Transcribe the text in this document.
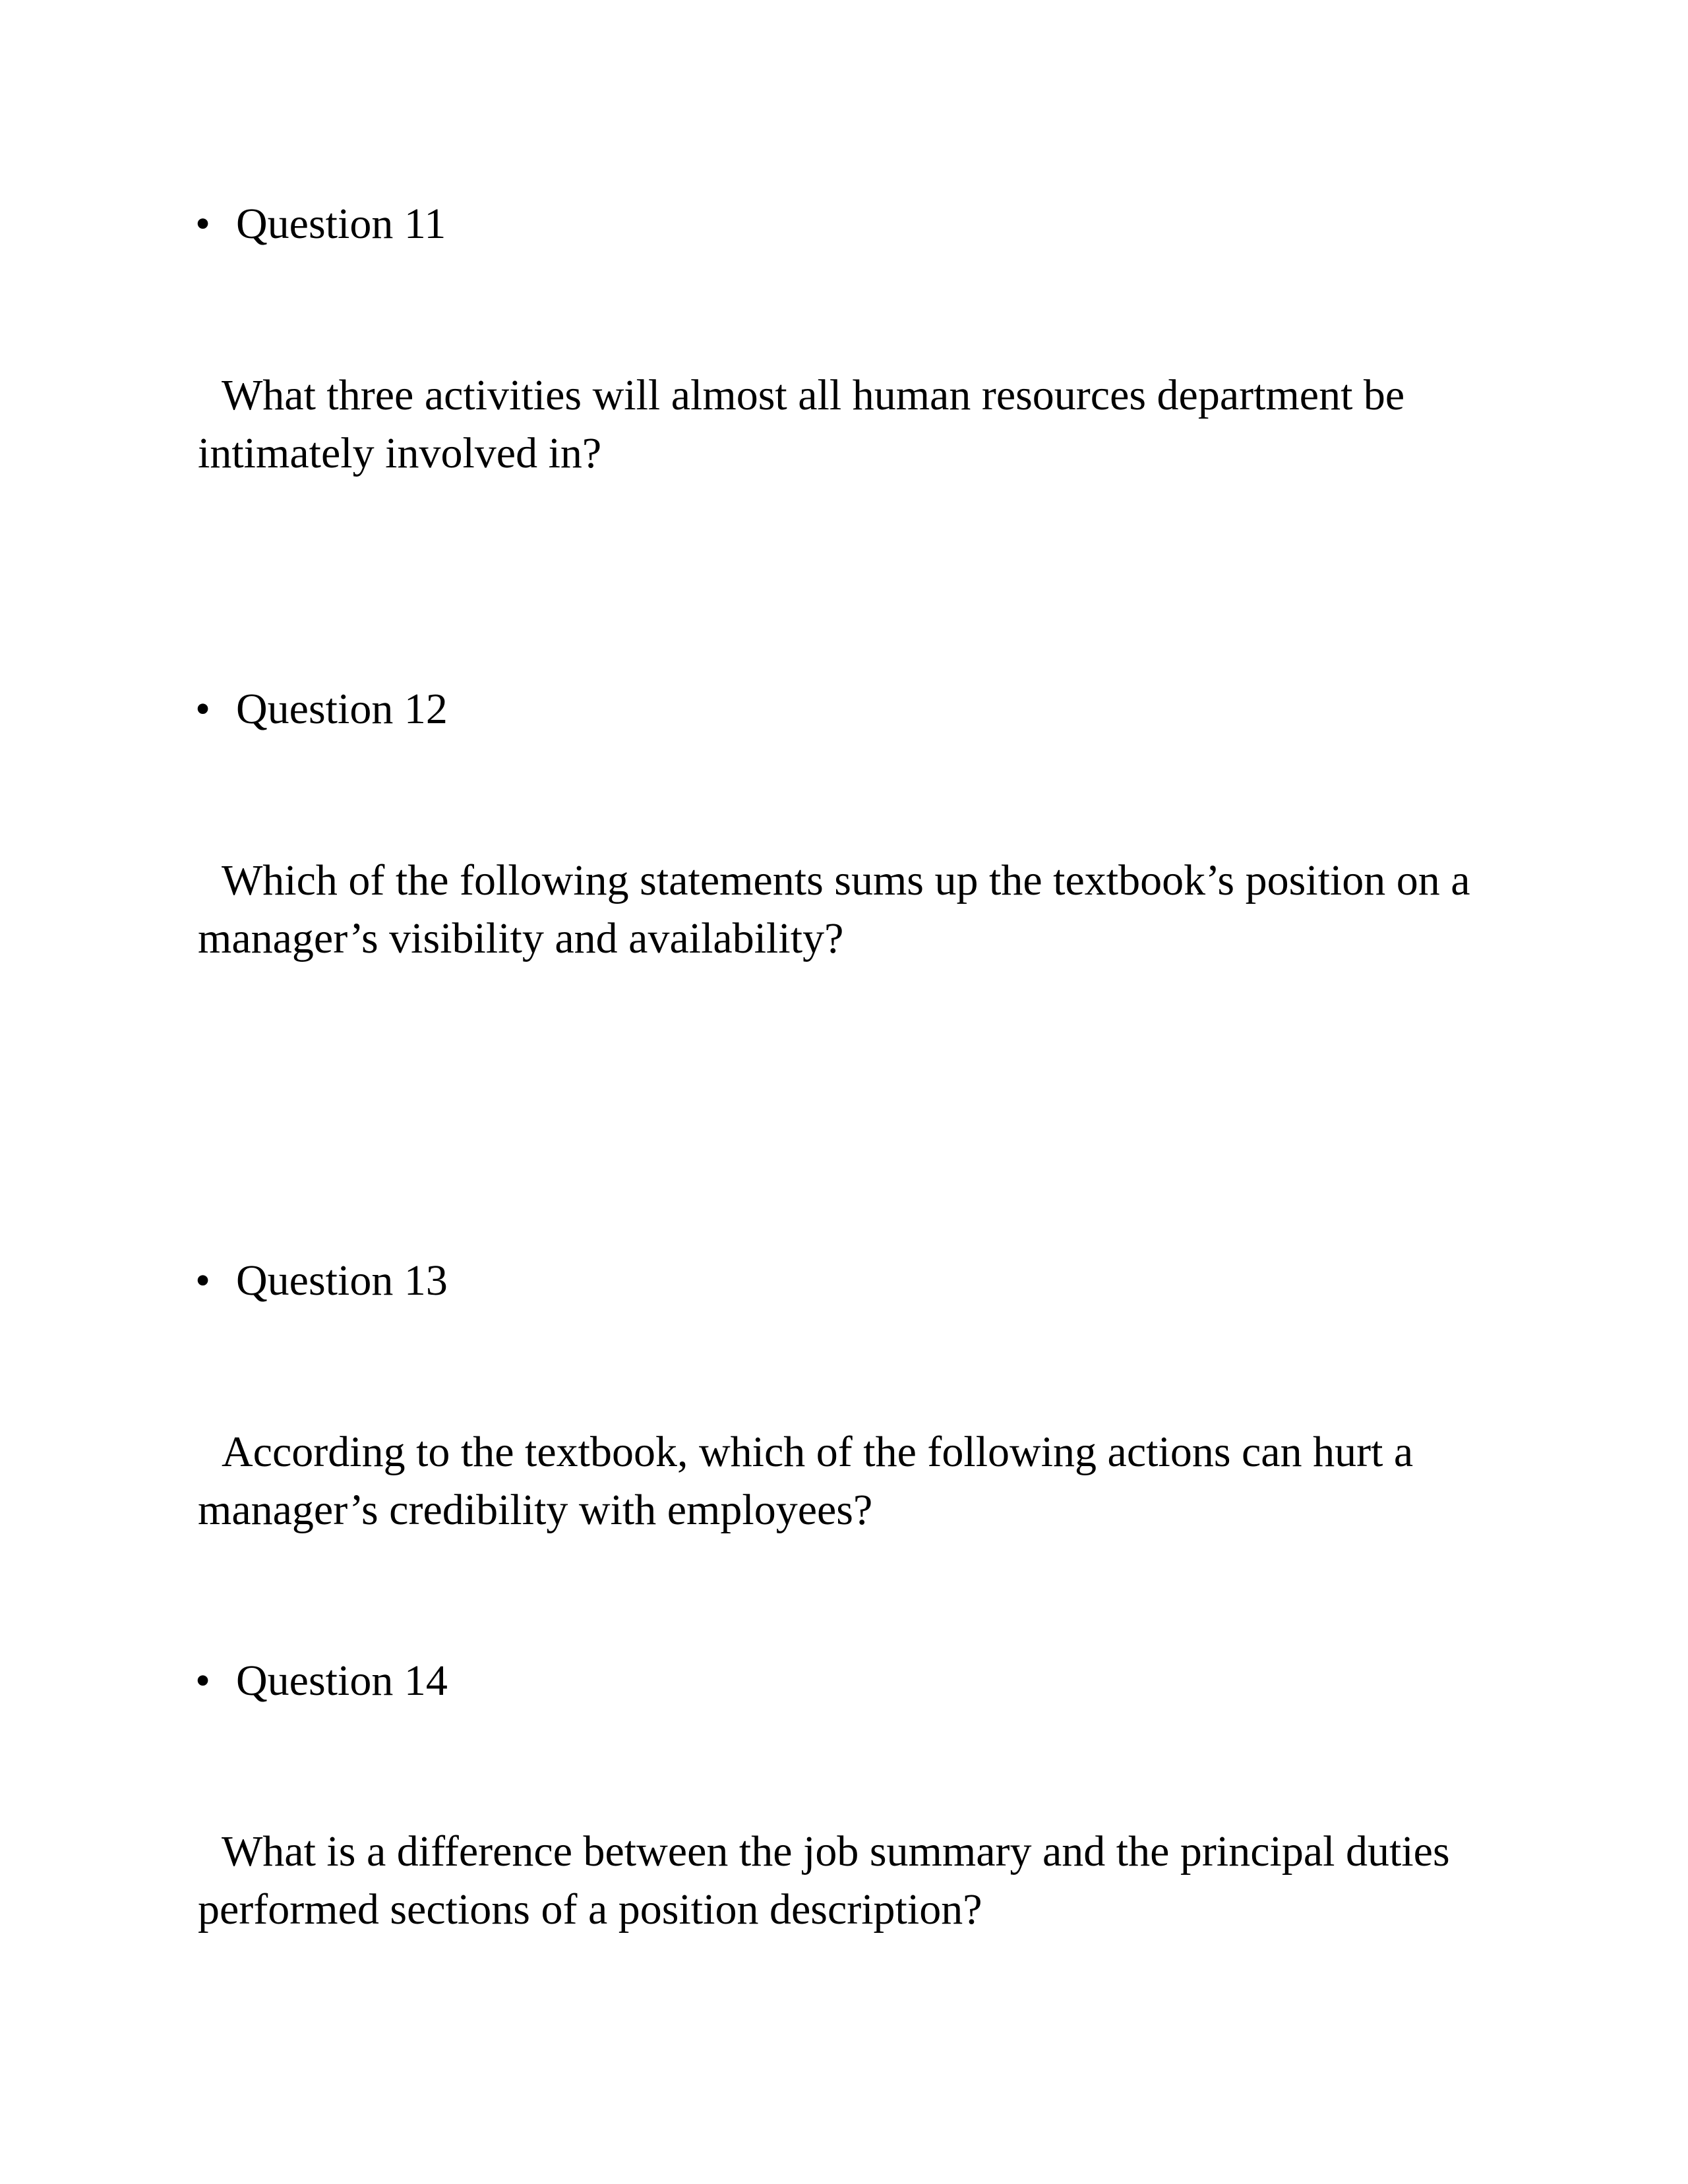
• Question 11
What three activities will almost all human resources department be
intimately involved in?
• Question 12
Which of the following statements sums up the textbook’s position on a
manager’s visibility and availability?
• Question 13
According to the textbook, which of the following actions can hurt a
manager’s credibility with employees?
• Question 14
What is a difference between the job summary and the principal duties
performed sections of a position description?
